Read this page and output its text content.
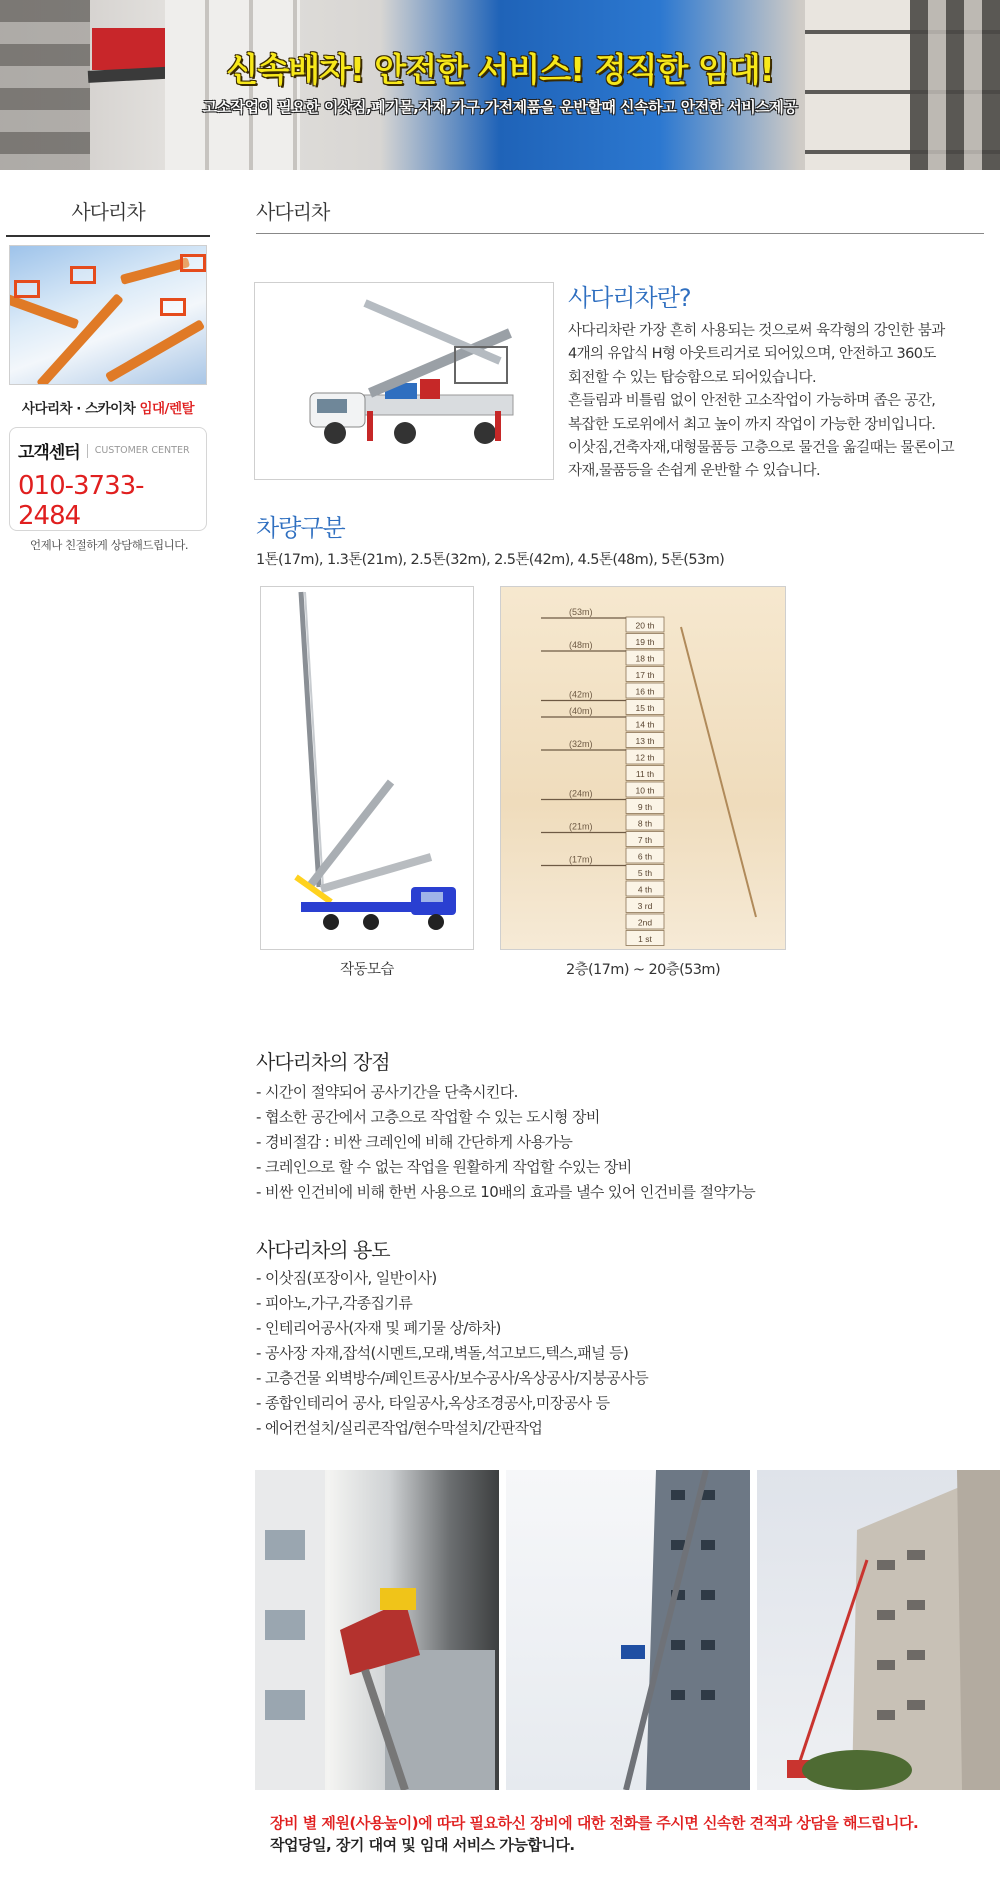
신속배차! 안전한 서비스! 정직한 임대!
고소작업이 필요한 이삿짐,폐기물,자재,가구,가전제품을 운반할때 신속하고 안전한 서비스제공
사다리차
사다리차 · 스카이차 임대/렌탈
고객센터 CUSTOMER CENTER
010-3733-2484
언제나 친절하게 상담해드립니다.
사다리차
사다리차란?
사다리차란 가장 흔히 사용되는 것으로써 육각형의 강인한 붐과
4개의 유압식 H형 아웃트리거로 되어있으며, 안전하고 360도
회전할 수 있는 탑승함으로 되어있습니다.
흔들림과 비틀림 없이 안전한 고소작업이 가능하며 좁은 공간,
복잡한 도로위에서 최고 높이 까지 작업이 가능한 장비입니다.
이삿짐,건축자재,대형물품등 고층으로 물건을 옮길때는 물론이고
자재,물품등을 손쉽게 운반할 수 있습니다.
차량구분
1톤(17m), 1.3톤(21m), 2.5톤(32m), 2.5톤(42m), 4.5톤(48m), 5톤(53m)
20 th
19 th
18 th
17 th
16 th
15 th
14 th
13 th
12 th
11 th
10 th
9 th
8 th
7 th
6 th
5 th
4 th
3 rd
2nd
1 st
(53m)
(48m)
(42m)
(40m)
(32m)
(24m)
(21m)
(17m)
작동모습	2층(17m) ~ 20층(53m)
사다리차의 장점
- 시간이 절약되어 공사기간을 단축시킨다.
- 협소한 공간에서 고층으로 작업할 수 있는 도시형 장비
- 경비절감 : 비싼 크레인에 비해 간단하게 사용가능
- 크레인으로 할 수 없는 작업을 원활하게 작업할 수있는 장비
- 비싼 인건비에 비해 한번 사용으로 10배의 효과를 낼수 있어 인건비를 절약가능
사다리차의 용도
- 이삿짐(포장이사, 일반이사)
- 피아노,가구,각종집기류
- 인테리어공사(자재 및 폐기물 상/하차)
- 공사장 자재,잡석(시멘트,모래,벽돌,석고보드,텍스,패널 등)
- 고층건물 외벽방수/페인트공사/보수공사/옥상공사/지붕공사등
- 종합인테리어 공사, 타일공사,옥상조경공사,미장공사 등
- 에어컨설치/실리콘작업/현수막설치/간판작업
장비 별 제원(사용높이)에 따라 필요하신 장비에 대한 전화를 주시면 신속한 견적과 상담을 해드립니다.
작업당일, 장기 대여 및 임대 서비스 가능합니다.
